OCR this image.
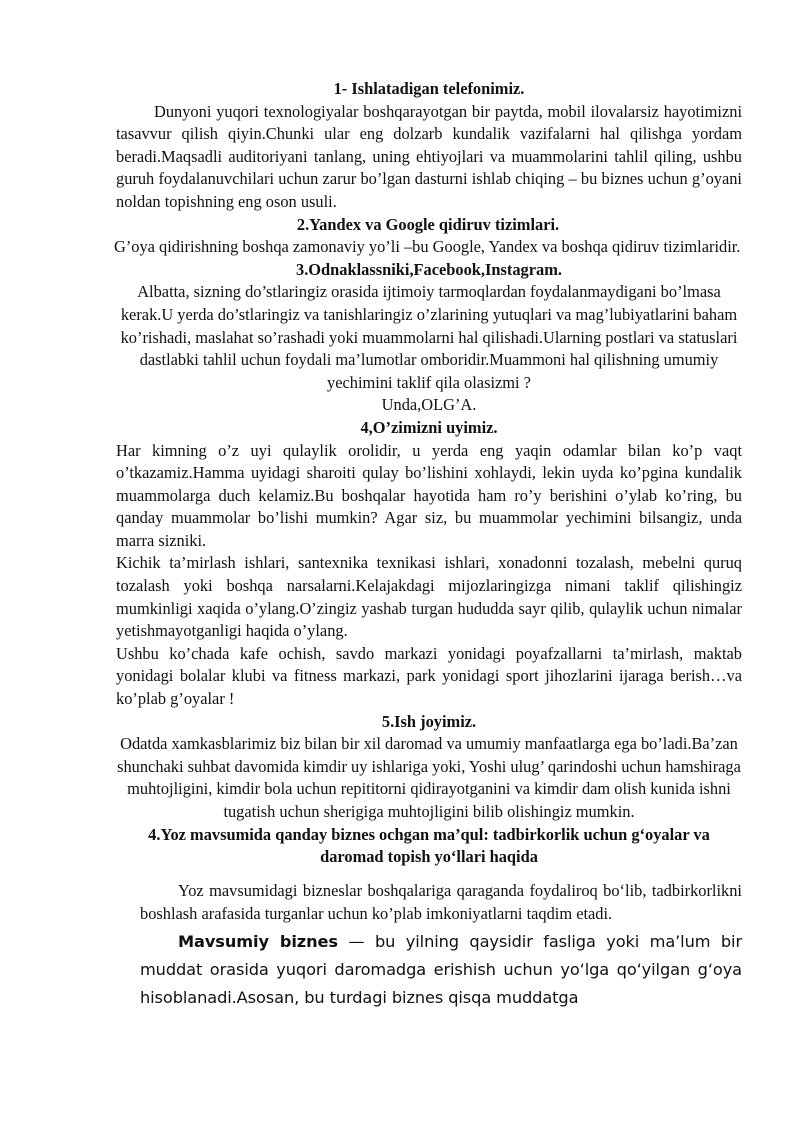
1- Ishlatadigan telefonimiz.

Dunyoni yuqori texnologiyalar boshqarayotgan bir paytda, mobil ilovalarsiz hayotimizni tasavvur qilish qiyin.Chunki ular eng dolzarb kundalik vazifalarni hal qilishga yordam beradi.Maqsadli auditoriyani tanlang, uning ehtiyojlari va muammolarini tahlil qiling, ushbu guruh foydalanuvchilari uchun zarur bo’lgan dasturni ishlab chiqing – bu biznes uchun g’oyani noldan topishning eng oson usuli.

2.Yandex va Google qidiruv tizimlari.

G’oya qidirishning boshqa zamonaviy yo’li –bu Google, Yandex va boshqa qidiruv tizimlaridir.

3.Odnaklassniki,Facebook,Instagram.

Albatta, sizning do’stlaringiz orasida ijtimoiy tarmoqlardan foydalanmaydigani bo’lmasa kerak.U yerda do’stlaringiz va tanishlaringiz o’zlarining yutuqlari va mag’lubiyatlarini baham ko’rishadi, maslahat so’rashadi yoki muammolarni hal qilishadi.Ularning postlari va statuslari dastlabki tahlil uchun foydali ma’lumotlar omboridir.Muammoni hal qilishning umumiy yechimini taklif qila olasizmi ?

Unda,OLG’A.

4,O’zimizni uyimiz.

Har kimning o’z uyi qulaylik orolidir, u yerda eng yaqin odamlar bilan ko’p vaqt o’tkazamiz.Hamma uyidagi sharoiti qulay bo’lishini xohlaydi, lekin uyda ko’pgina kundalik muammolarga duch kelamiz.Bu boshqalar hayotida ham ro’y berishini o’ylab ko’ring, bu qanday muammolar bo’lishi mumkin? Agar siz, bu muammolar yechimini bilsangiz, unda marra sizniki.

Kichik ta’mirlash ishlari, santexnika texnikasi ishlari, xonadonni tozalash, mebelni quruq tozalash yoki boshqa narsalarni.Kelajakdagi mijozlaringizga nimani taklif qilishingiz mumkinligi xaqida o’ylang.O’zingiz yashab turgan hududda sayr qilib, qulaylik uchun nimalar yetishmayotganligi haqida o’ylang.

Ushbu ko’chada kafe ochish, savdo markazi yonidagi poyafzallarni ta’mirlash, maktab yonidagi bolalar klubi va fitness markazi, park yonidagi sport jihozlarini ijaraga berish…va ko’plab g’oyalar !

5.Ish joyimiz.

Odatda xamkasblarimiz biz bilan bir xil daromad va umumiy manfaatlarga ega bo’ladi.Ba’zan shunchaki suhbat davomida kimdir uy ishlariga yoki, Yoshi ulug’ qarindoshi uchun hamshiraga muhtojligini, kimdir bola uchun repititorni qidirayotganini va kimdir dam olish kunida ishni tugatish uchun sherigiga muhtojligini bilib olishingiz mumkin.

4.Yoz mavsumida qanday biznes ochgan ma’qul: tadbirkorlik uchun g‘oyalar va daromad topish yo‘llari haqida

Yoz mavsumidagi bizneslar boshqalariga qaraganda foydaliroq bo‘lib, tadbirkorlikni boshlash arafasida turganlar uchun ko’plab imkoniyatlarni taqdim etadi.

Mavsumiy biznes — bu yilning qaysidir fasliga yoki ma’lum bir muddat orasida yuqori daromadga erishish uchun yo‘lga qo‘yilgan g‘oya hisoblanadi.Asosan, bu turdagi biznes qisqa muddatga
